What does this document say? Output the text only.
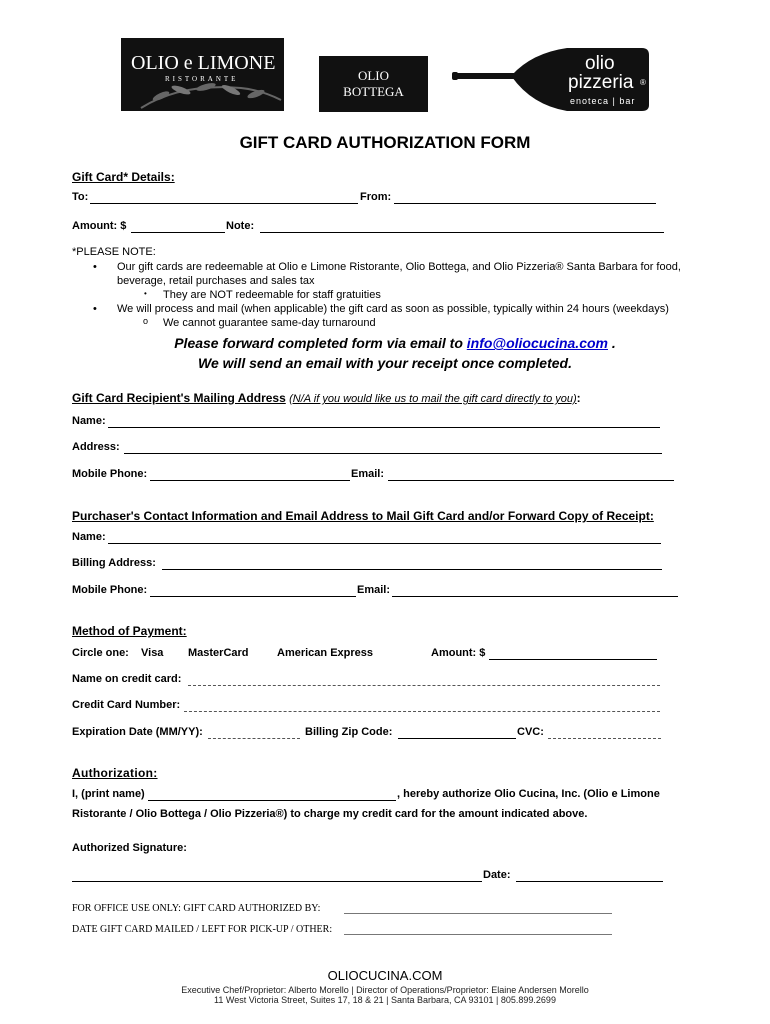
OLIO e LIMONE
RISTORANTE	OLIO
BOTTEGA
olio
pizzeria ®
enoteca | bar
GIFT CARD AUTHORIZATION FORM
Gift Card* Details:
To:	From:
Amount: $	Note:
*PLEASE NOTE:
• Our gift cards are redeemable at Olio e Limone Ristorante, Olio Bottega, and Olio Pizzeria® Santa Barbara for food,
beverage, retail purchases and sales tax
• They are NOT redeemable for staff gratuities
• We will process and mail (when applicable) the gift card as soon as possible, typically within 24 hours (weekdays)
o We cannot guarantee same-day turnaround
Please forward completed form via email to info@oliocucina.com .
We will send an email with your receipt once completed.
Gift Card Recipient's Mailing Address (N/A if you would like us to mail the gift card directly to you):
Name:
Address:
Mobile Phone:	Email:
Purchaser's Contact Information and Email Address to Mail Gift Card and/or Forward Copy of Receipt:
Name:
Billing Address:
Mobile Phone:	Email:
Method of Payment:
Circle one: Visa MasterCard	American Express	Amount: $
Name on credit card:
Credit Card Number:
Expiration Date (MM/YY):	Billing Zip Code:	CVC:
Authorization:
I, (print name)	, hereby authorize Olio Cucina, Inc. (Olio e Limone
Ristorante / Olio Bottega / Olio Pizzeria®) to charge my credit card for the amount indicated above.
Authorized Signature:
Date:
FOR OFFICE USE ONLY: GIFT CARD AUTHORIZED BY:
DATE GIFT CARD MAILED / LEFT FOR PICK-UP / OTHER:
OLIOCUCINA.COM
Executive Chef/Proprietor: Alberto Morello | Director of Operations/Proprietor: Elaine Andersen Morello
11 West Victoria Street, Suites 17, 18 & 21 | Santa Barbara, CA 93101 | 805.899.2699
